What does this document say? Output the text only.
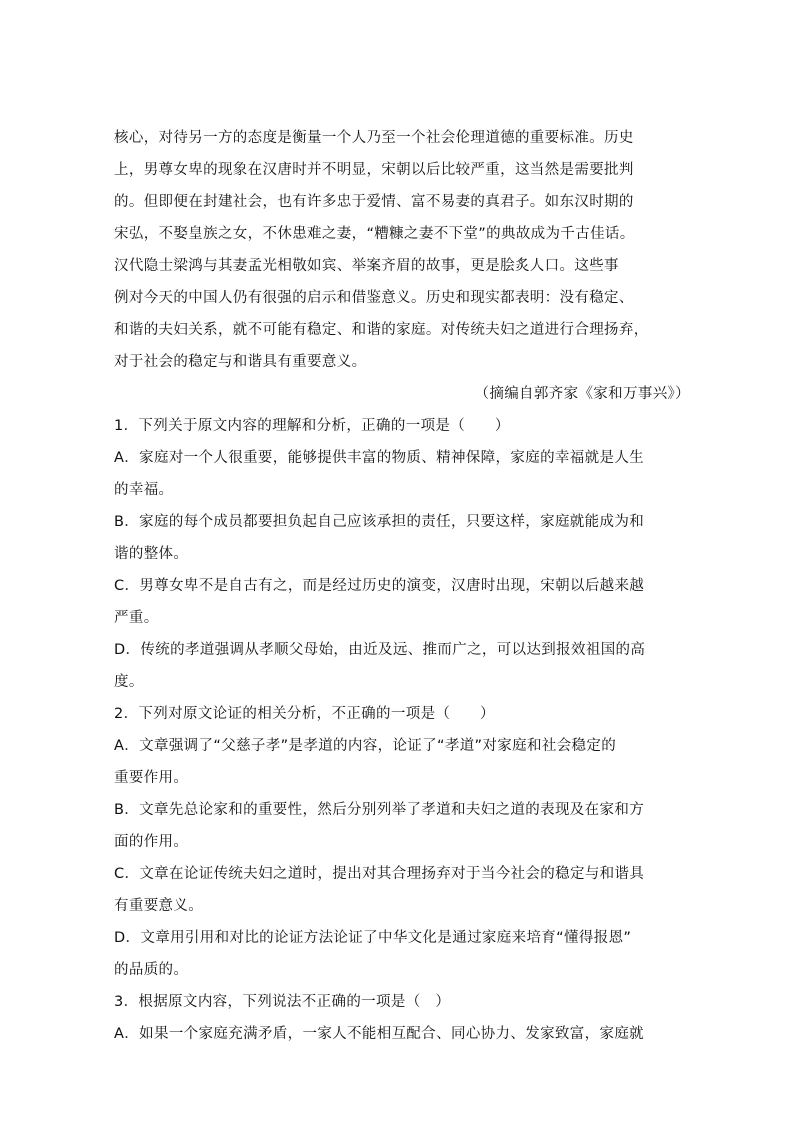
核心，对待另一方的态度是衡量一个人乃至一个社会伦理道德的重要标准。历史
上，男尊女卑的现象在汉唐时并不明显，宋朝以后比较严重，这当然是需要批判
的。但即便在封建社会，也有许多忠于爱情、富不易妻的真君子。如东汉时期的
宋弘，不娶皇族之女，不休患难之妻，“糟糠之妻不下堂”的典故成为千古佳话。
汉代隐士梁鸿与其妻孟光相敬如宾、举案齐眉的故事，更是脍炙人口。这些事
例对今天的中国人仍有很强的启示和借鉴意义。历史和现实都表明：没有稳定、
和谐的夫妇关系，就不可能有稳定、和谐的家庭。对传统夫妇之道进行合理扬弃，
对于社会的稳定与和谐具有重要意义。
（摘编自郭齐家《家和万事兴》）
1．下列关于原文内容的理解和分析，正确的一项是（　　）
A．家庭对一个人很重要，能够提供丰富的物质、精神保障，家庭的幸福就是人生
的幸福。
B．家庭的每个成员都要担负起自己应该承担的责任，只要这样，家庭就能成为和
谐的整体。
C．男尊女卑不是自古有之，而是经过历史的演变，汉唐时出现，宋朝以后越来越
严重。
D．传统的孝道强调从孝顺父母始，由近及远、推而广之，可以达到报效祖国的高
度。
2．下列对原文论证的相关分析，不正确的一项是（　　）
A．文章强调了“父慈子孝”是孝道的内容，论证了“孝道”对家庭和社会稳定的
重要作用。
B．文章先总论家和的重要性，然后分别列举了孝道和夫妇之道的表现及在家和方
面的作用。
C．文章在论证传统夫妇之道时，提出对其合理扬弃对于当今社会的稳定与和谐具
有重要意义。
D．文章用引用和对比的论证方法论证了中华文化是通过家庭来培育“懂得报恩”
的品质的。
3．根据原文内容，下列说法不正确的一项是（　）
A．如果一个家庭充满矛盾，一家人不能相互配合、同心协力、发家致富，家庭就
